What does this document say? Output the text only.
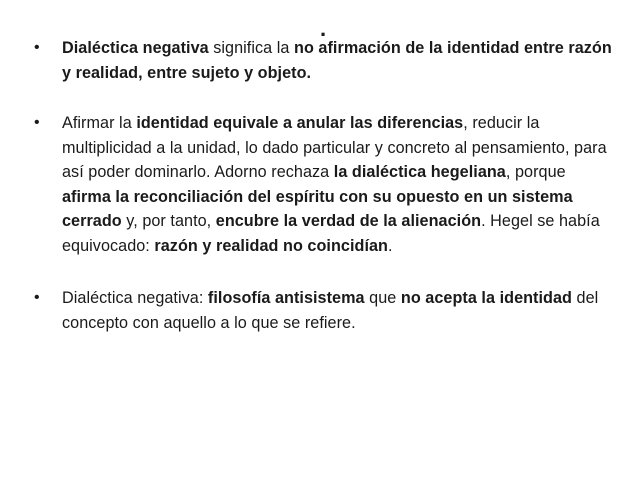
.
• Dialéctica negativa significa la no afirmación de la identidad entre razón y realidad, entre sujeto y objeto.
• Afirmar la identidad equivale a anular las diferencias, reducir la multiplicidad a la unidad, lo dado particular y concreto al pensamiento, para así poder dominarlo. Adorno rechaza la dialéctica hegeliana, porque afirma la reconciliación del espíritu con su opuesto en un sistema cerrado y, por tanto, encubre la verdad de la alienación. Hegel se había equivocado: razón y realidad no coincidían.
• Dialéctica negativa: filosofía antisistema que no acepta la identidad del concepto con aquello a lo que se refiere.
